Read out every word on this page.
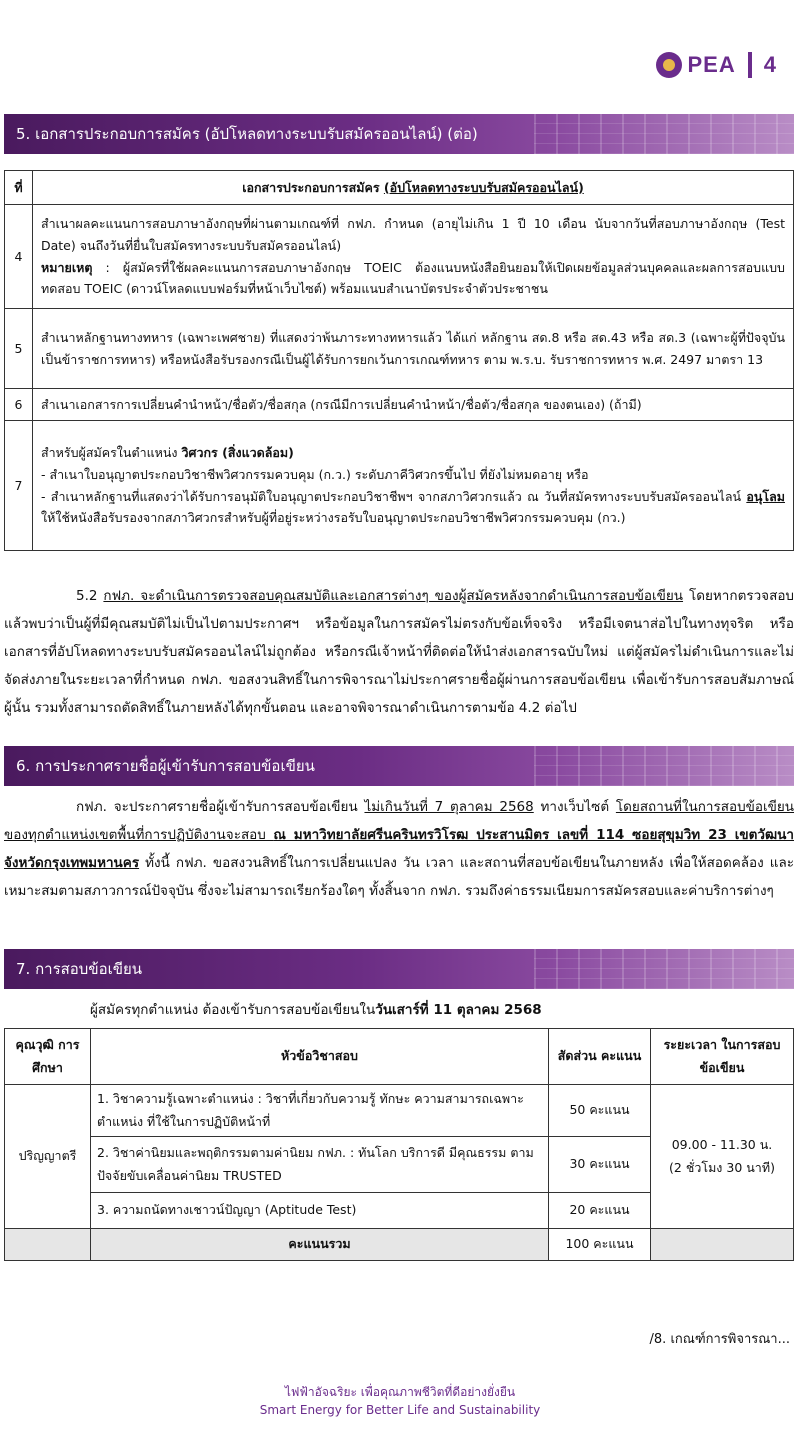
PEA 4
5. เอกสารประกอบการสมัคร (อัปโหลดทางระบบรับสมัครออนไลน์) (ต่อ)
ที่	เอกสารประกอบการสมัคร (อัปโหลดทางระบบรับสมัครออนไลน์)
4	สำเนาผลคะแนนการสอบภาษาอังกฤษที่ผ่านตามเกณฑ์ที่ กฟภ. กำหนด (อายุไม่เกิน 1 ปี 10 เดือน นับจากวันที่สอบภาษาอังกฤษ (Test Date) จนถึงวันที่ยื่นใบสมัครทางระบบรับสมัครออนไลน์)
หมายเหตุ : ผู้สมัครที่ใช้ผลคะแนนการสอบภาษาอังกฤษ TOEIC ต้องแนบหนังสือยินยอมให้เปิดเผยข้อมูลส่วนบุคคลและผลการสอบแบบทดสอบ TOEIC (ดาวน์โหลดแบบฟอร์มที่หน้าเว็บไซต์) พร้อมแนบสำเนาบัตรประจำตัวประชาชน

5	สำเนาหลักฐานทางทหาร (เฉพาะเพศชาย) ที่แสดงว่าพ้นภาระทางทหารแล้ว ได้แก่ หลักฐาน สด.8 หรือ สด.43 หรือ สด.3 (เฉพาะผู้ที่ปัจจุบันเป็นข้าราชการทหาร) หรือหนังสือรับรองกรณีเป็นผู้ได้รับการยกเว้นการเกณฑ์ทหาร ตาม พ.ร.บ. รับราชการทหาร พ.ศ. 2497 มาตรา 13
6	สำเนาเอกสารการเปลี่ยนคำนำหน้า/ชื่อตัว/ชื่อสกุล (กรณีมีการเปลี่ยนคำนำหน้า/ชื่อตัว/ชื่อสกุล ของตนเอง) (ถ้ามี)
7	สำหรับผู้สมัครในตำแหน่ง วิศวกร (สิ่งแวดล้อม)
- สำเนาใบอนุญาตประกอบวิชาชีพวิศวกรรมควบคุม (ก.ว.) ระดับภาคีวิศวกรขึ้นไป ที่ยังไม่หมดอายุ หรือ
- สำเนาหลักฐานที่แสดงว่าได้รับการอนุมัติใบอนุญาตประกอบวิชาชีพฯ จากสภาวิศวกรแล้ว ณ วันที่สมัครทางระบบรับสมัครออนไลน์ อนุโลม ให้ใช้หนังสือรับรองจากสภาวิศวกรสำหรับผู้ที่อยู่ระหว่างรอรับใบอนุญาตประกอบวิชาชีพวิศวกรรมควบคุม (กว.)
5.2 กฟภ. จะดำเนินการตรวจสอบคุณสมบัติและเอกสารต่างๆ ของผู้สมัครหลังจากดำเนินการสอบข้อเขียน โดยหากตรวจสอบแล้วพบว่าเป็นผู้ที่มีคุณสมบัติไม่เป็นไปตามประกาศฯ หรือข้อมูลในการสมัครไม่ตรงกับข้อเท็จจริง หรือมีเจตนาส่อไปในทางทุจริต หรือเอกสารที่อัปโหลดทางระบบรับสมัครออนไลน์ไม่ถูกต้อง หรือกรณีเจ้าหน้าที่ติดต่อให้นำส่งเอกสารฉบับใหม่ แต่ผู้สมัครไม่ดำเนินการและไม่จัดส่งภายในระยะเวลาที่กำหนด กฟภ. ขอสงวนสิทธิ์ในการพิจารณาไม่ประกาศรายชื่อผู้ผ่านการสอบข้อเขียน เพื่อเข้ารับการสอบสัมภาษณ์ผู้นั้น รวมทั้งสามารถตัดสิทธิ์ในภายหลังได้ทุกขั้นตอน และอาจพิจารณาดำเนินการตามข้อ 4.2 ต่อไป
6. การประกาศรายชื่อผู้เข้ารับการสอบข้อเขียน
กฟภ. จะประกาศรายชื่อผู้เข้ารับการสอบข้อเขียน ไม่เกินวันที่ 7 ตุลาคม 2568 ทางเว็บไซต์ โดยสถานที่ในการสอบข้อเขียนของทุกตำแหน่งเขตพื้นที่การปฏิบัติงานจะสอบ ณ มหาวิทยาลัยศรีนครินทรวิโรฒ ประสานมิตร เลขที่ 114 ซอยสุขุมวิท 23 เขตวัฒนา จังหวัดกรุงเทพมหานคร ทั้งนี้ กฟภ. ขอสงวนสิทธิ์ในการเปลี่ยนแปลง วัน เวลา และสถานที่สอบข้อเขียนในภายหลัง เพื่อให้สอดคล้อง และเหมาะสมตามสภาวการณ์ปัจจุบัน ซึ่งจะไม่สามารถเรียกร้องใดๆ ทั้งสิ้นจาก กฟภ. รวมถึงค่าธรรมเนียมการสมัครสอบและค่าบริการต่างๆ
7. การสอบข้อเขียน
ผู้สมัครทุกตำแหน่ง ต้องเข้ารับการสอบข้อเขียนในวันเสาร์ที่ 11 ตุลาคม 2568
คุณวุฒิ การศึกษา	หัวข้อวิชาสอบ	สัดส่วน คะแนน	ระยะเวลา ในการสอบข้อเขียน
ปริญญาตรี	1. วิชาความรู้เฉพาะตำแหน่ง : วิชาที่เกี่ยวกับความรู้ ทักษะ ความสามารถเฉพาะตำแหน่ง ที่ใช้ในการปฏิบัติหน้าที่	50 คะแนน	09.00 - 11.30 น.
(2 ชั่วโมง 30 นาที)

	2. วิชาค่านิยมและพฤติกรรมตามค่านิยม กฟภ. : ทันโลก บริการดี มีคุณธรรม ตามปัจจัยขับเคลื่อนค่านิยม TRUSTED	30 คะแนน	
	3. ความถนัดทางเชาวน์ปัญญา (Aptitude Test)	20 คะแนน	
	คะแนนรวม	100 คะแนน	
/8. เกณฑ์การพิจารณา...
ไฟฟ้าอัจฉริยะ เพื่อคุณภาพชีวิตที่ดีอย่างยั่งยืน
Smart Energy for Better Life and Sustainability
